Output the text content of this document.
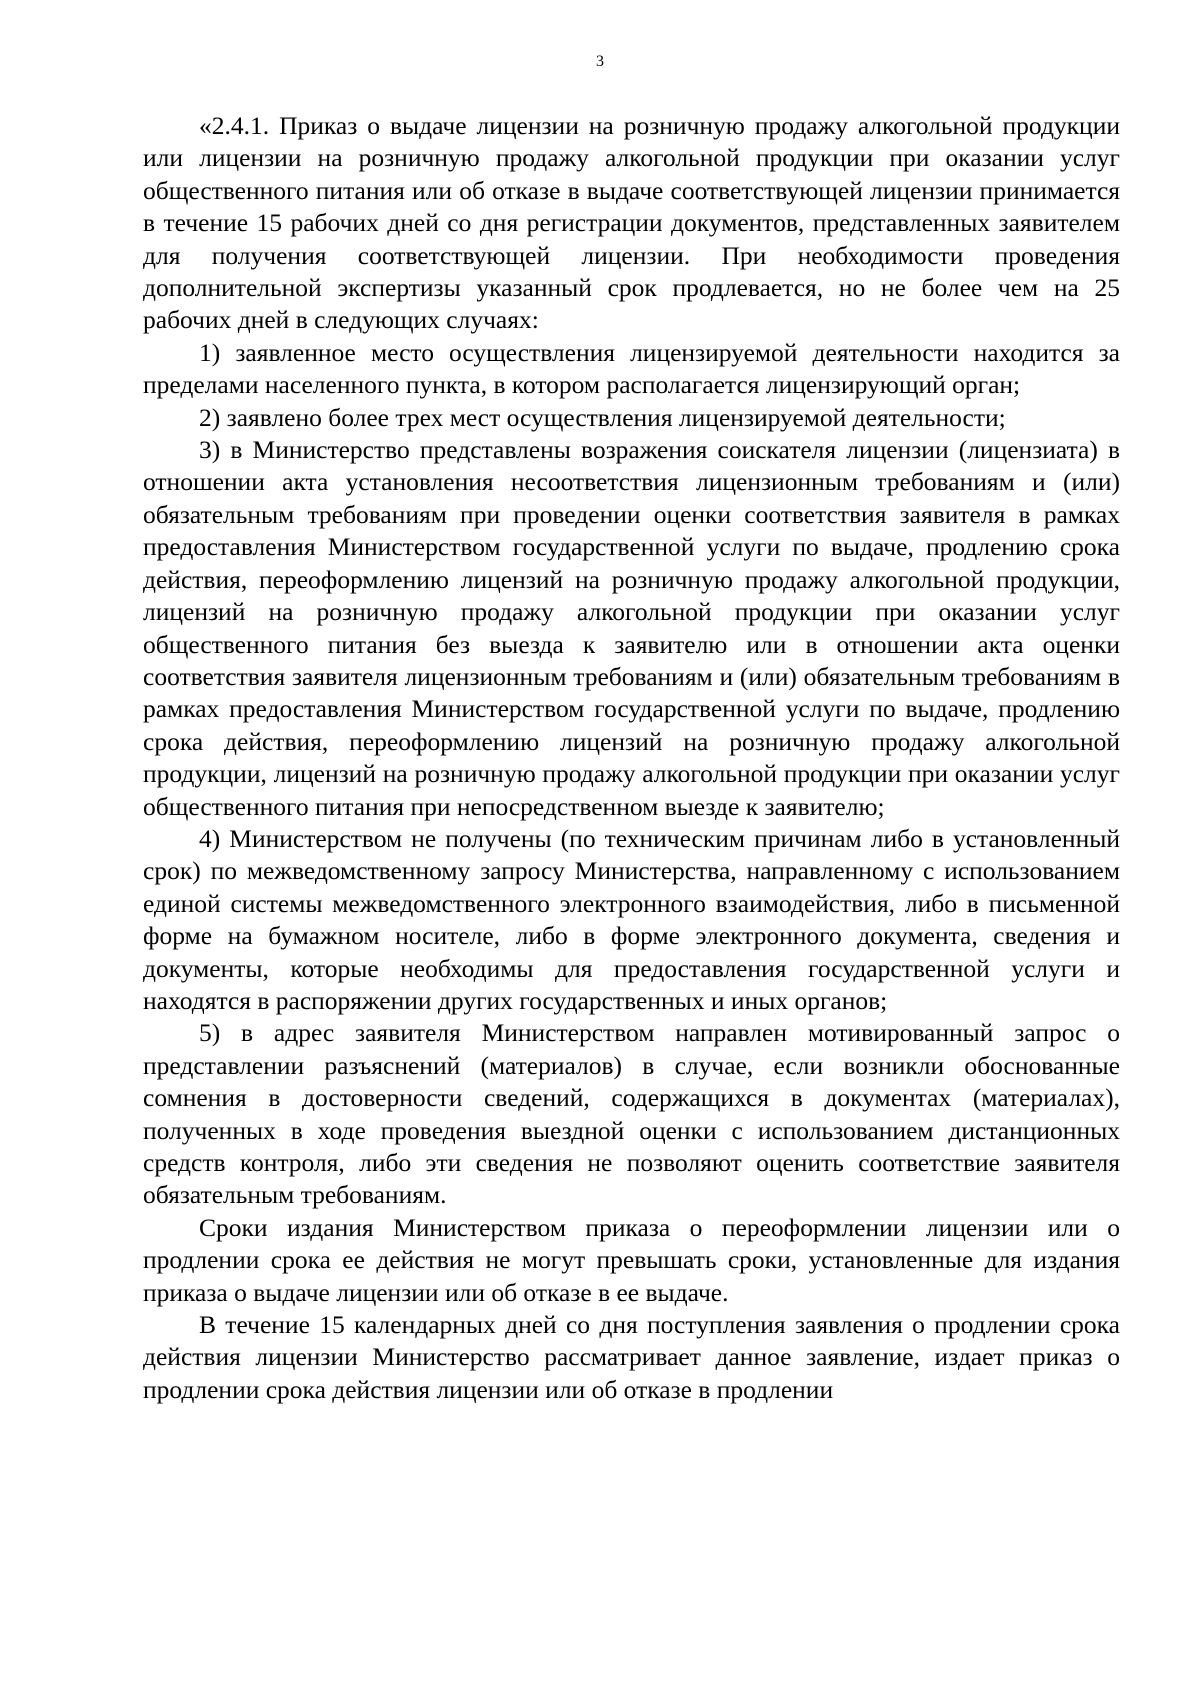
3

«2.4.1. Приказ о выдаче лицензии на розничную продажу алкогольной продукции или лицензии на розничную продажу алкогольной продукции при оказании услуг общественного питания или об отказе в выдаче соответствующей лицензии принимается в течение 15 рабочих дней со дня регистрации документов, представленных заявителем для получения соответствующей лицензии. При необходимости проведения дополнительной экспертизы указанный срок продлевается, но не более чем на 25 рабочих дней в следующих случаях:

1) заявленное место осуществления лицензируемой деятельности находится за пределами населенного пункта, в котором располагается лицензирующий орган;

2) заявлено более трех мест осуществления лицензируемой деятельности;

3) в Министерство представлены возражения соискателя лицензии (лицензиата) в отношении акта установления несоответствия лицензионным требованиям и (или) обязательным требованиям при проведении оценки соответствия заявителя в рамках предоставления Министерством государственной услуги по выдаче, продлению срока действия, переоформлению лицензий на розничную продажу алкогольной продукции, лицензий на розничную продажу алкогольной продукции при оказании услуг общественного питания без выезда к заявителю или в отношении акта оценки соответствия заявителя лицензионным требованиям и (или) обязательным требованиям в рамках предоставления Министерством государственной услуги по выдаче, продлению срока действия, переоформлению лицензий на розничную продажу алкогольной продукции, лицензий на розничную продажу алкогольной продукции при оказании услуг общественного питания при непосредственном выезде к заявителю;

4) Министерством не получены (по техническим причинам либо в установленный срок) по межведомственному запросу Министерства, направленному с использованием единой системы межведомственного электронного взаимодействия, либо в письменной форме на бумажном носителе, либо в форме электронного документа, сведения и документы, которые необходимы для предоставления государственной услуги и находятся в распоряжении других государственных и иных органов;

5) в адрес заявителя Министерством направлен мотивированный запрос о представлении разъяснений (материалов) в случае, если возникли обоснованные сомнения в достоверности сведений, содержащихся в документах (материалах), полученных в ходе проведения выездной оценки с использованием дистанционных средств контроля, либо эти сведения не позволяют оценить соответствие заявителя обязательным требованиям.

Сроки издания Министерством приказа о переоформлении лицензии или о продлении срока ее действия не могут превышать сроки, установленные для издания приказа о выдаче лицензии или об отказе в ее выдаче.

В течение 15 календарных дней со дня поступления заявления о продлении срока действия лицензии Министерство рассматривает данное заявление, издает приказ о продлении срока действия лицензии или об отказе в продлении
